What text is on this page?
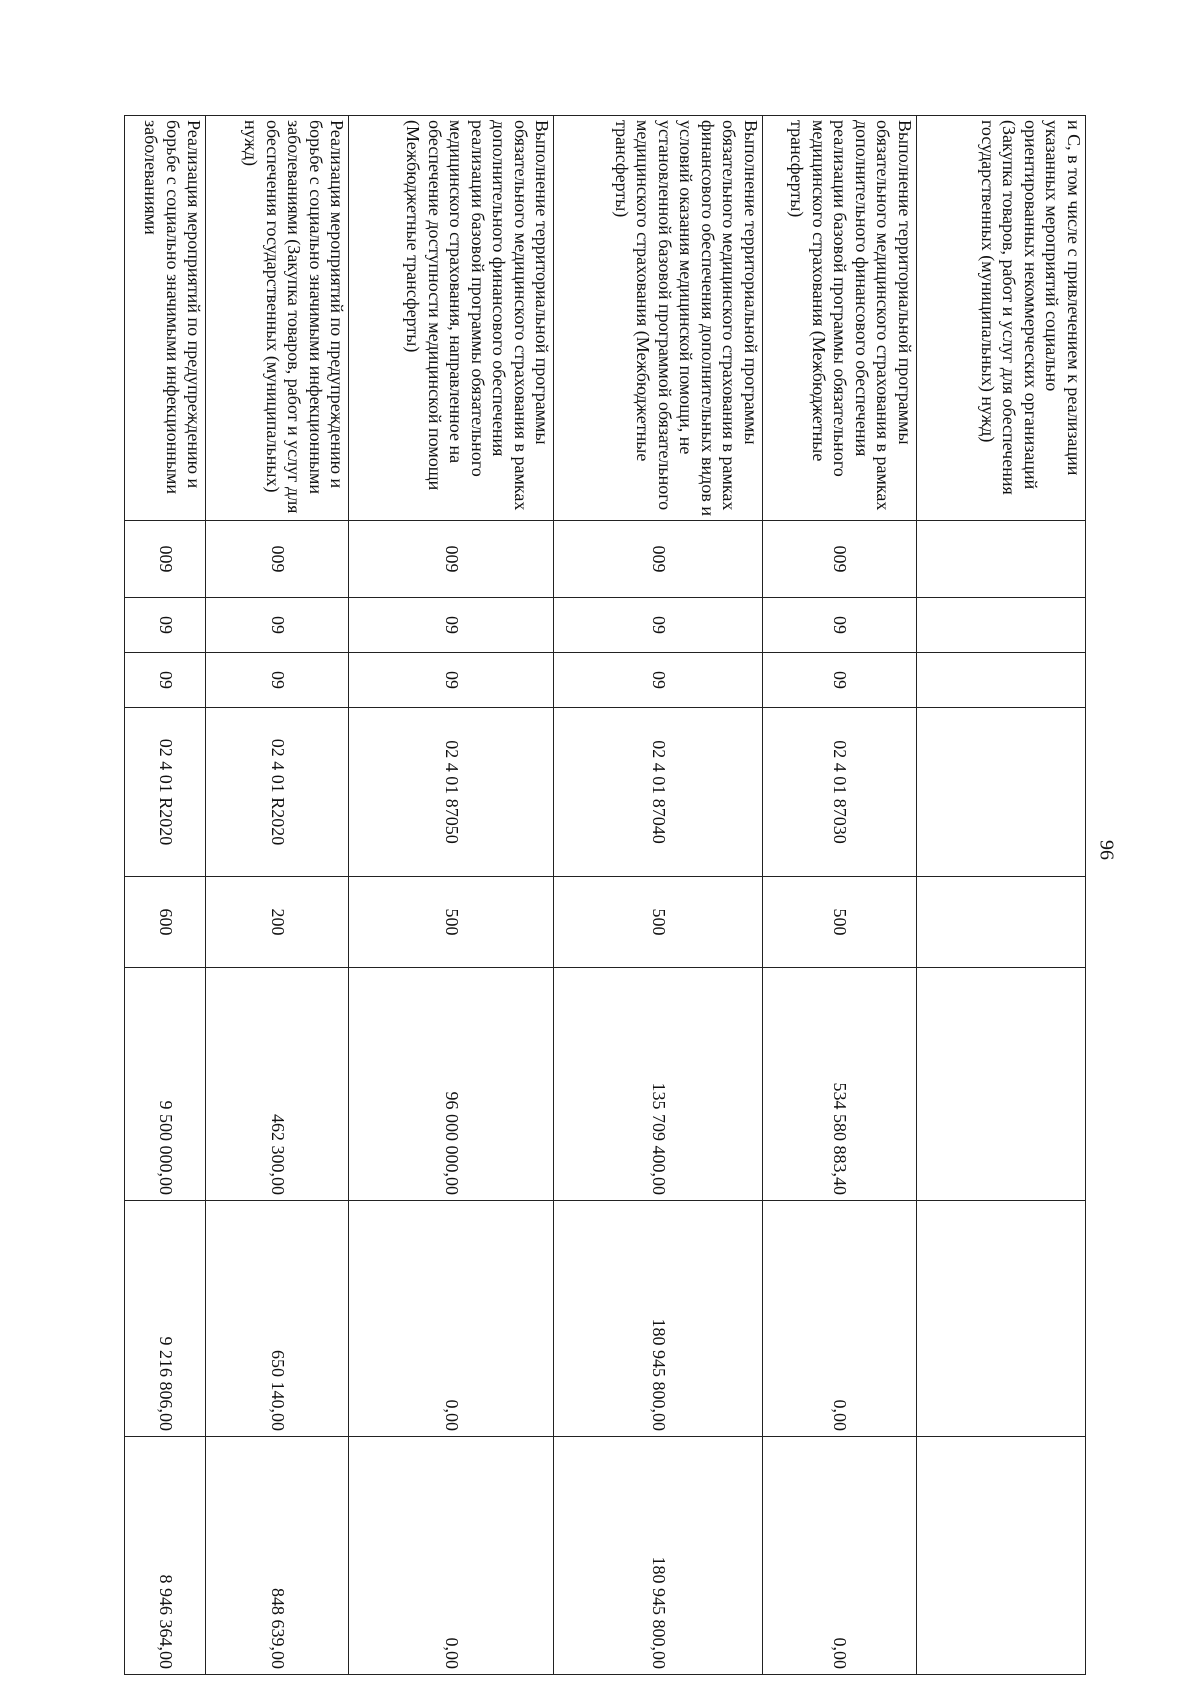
96
и С, в том числе с привлечением к реализации указанных мероприятий социально ориентированных некоммерческих организаций (Закупка товаров, работ и услуг для обеспечения государственных (муниципальных) нужд)								
Выполнение территориальной программы обязательного медицинского страхования в рамках дополнительного финансового обеспечения реализации базовой программы обязательного медицинского страхования (Межбюджетные трансферты)	009	09	09	02 4 01 87030	500	534 580 883,40	0,00	0,00
Выполнение территориальной программы обязательного медицинского страхования в рамках финансового обеспечения дополнительных видов и условий оказания медицинской помощи, не установленной базовой программой обязательного медицинского страхования (Межбюджетные трансферты)	009	09	09	02 4 01 87040	500	135 709 400,00	180 945 800,00	180 945 800,00
Выполнение территориальной программы обязательного медицинского страхования в рамках дополнительного финансового обеспечения реализации базовой программы обязательного медицинского страхования, направленное на обеспечение доступности медицинской помощи (Межбюджетные трансферты)	009	09	09	02 4 01 87050	500	96 000 000,00	0,00	0,00
Реализация мероприятий по предупреждению и борьбе с социально значимыми инфекционными заболеваниями (Закупка товаров, работ и услуг для обеспечения государственных (муниципальных) нужд)	009	09	09	02 4 01 R2020	200	462 300,00	650 140,00	848 639,00
Реализация мероприятий по предупреждению и борьбе с социально значимыми инфекционными заболеваниями	009	09	09	02 4 01 R2020	600	9 500 000,00	9 216 806,00	8 946 364,00
